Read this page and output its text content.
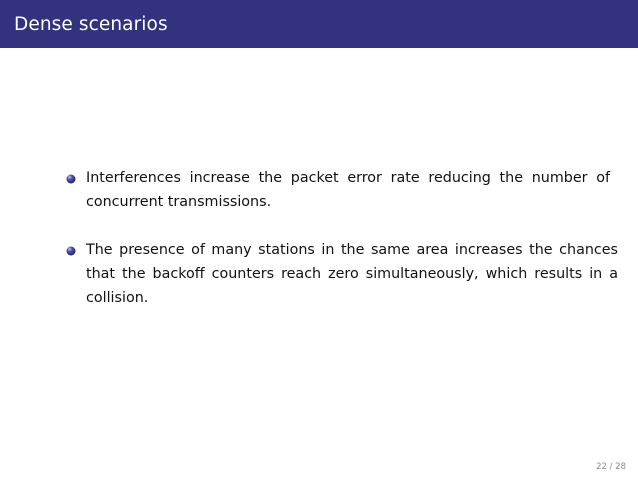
Dense scenarios
Interferences increase the packet error rate reducing the number of concurrent transmissions.
The presence of many stations in the same area increases the chances that the backoff counters reach zero simultaneously, which results in a collision.
22 / 28
